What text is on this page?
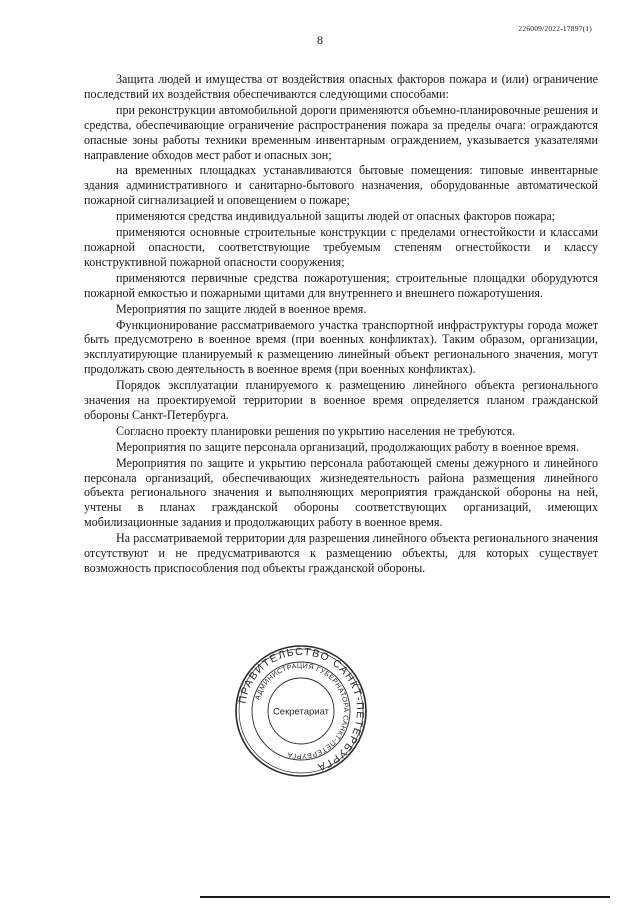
226009/2022-17897(1)
8

Защита людей и имущества от воздействия опасных факторов пожара и (или) ограничение последствий их воздействия обеспечиваются следующими способами:

при реконструкции автомобильной дороги применяются объемно-планировочные решения и средства, обеспечивающие ограничение распространения пожара за пределы очага: ограждаются опасные зоны работы техники временным инвентарным ограждением, указывается указателями направление обходов мест работ и опасных зон;

на временных площадках устанавливаются бытовые помещения: типовые инвентарные здания административного и санитарно-бытового назначения, оборудованные автоматической пожарной сигнализацией и оповещением о пожаре;

применяются средства индивидуальной защиты людей от опасных факторов пожара;

применяются основные строительные конструкции с пределами огнестойкости и классами пожарной опасности, соответствующие требуемым степеням огнестойкости и классу конструктивной пожарной опасности сооружения;

применяются первичные средства пожаротушения; строительные площадки оборудуются пожарной емкостью и пожарными щитами для внутреннего и внешнего пожаротушения.

Мероприятия по защите людей в военное время.

Функционирование рассматриваемого участка транспортной инфраструктуры города может быть предусмотрено в военное время (при военных конфликтах). Таким образом, организации, эксплуатирующие планируемый к размещению линейный объект регионального значения, могут продолжать свою деятельность в военное время (при военных конфликтах).

Порядок эксплуатации планируемого к размещению линейного объекта регионального значения на проектируемой территории в военное время определяется планом гражданской обороны Санкт-Петербурга.

Согласно проекту планировки решения по укрытию населения не требуются.

Мероприятия по защите персонала организаций, продолжающих работу в военное время.

Мероприятия по защите и укрытию персонала работающей смены дежурного и линейного персонала организаций, обеспечивающих жизнедеятельность района размещения линейного объекта регионального значения и выполняющих мероприятия гражданской обороны на ней, учтены в планах гражданской обороны соответствующих организаций, имеющих мобилизационные задания и продолжающих работу в военное время.

На рассматриваемой территории для разрешения линейного объекта регионального значения отсутствуют и не предусматриваются к размещению объекты, для которых существует возможность приспособления под объекты гражданской обороны.

ПРАВИТЕЛЬСТВО САНКТ-ПЕТЕРБУРГА
АДМИНИСТРАЦИЯ ГУБЕРНАТОРА САНКТ-ПЕТЕРБУРГА
Секретариат
